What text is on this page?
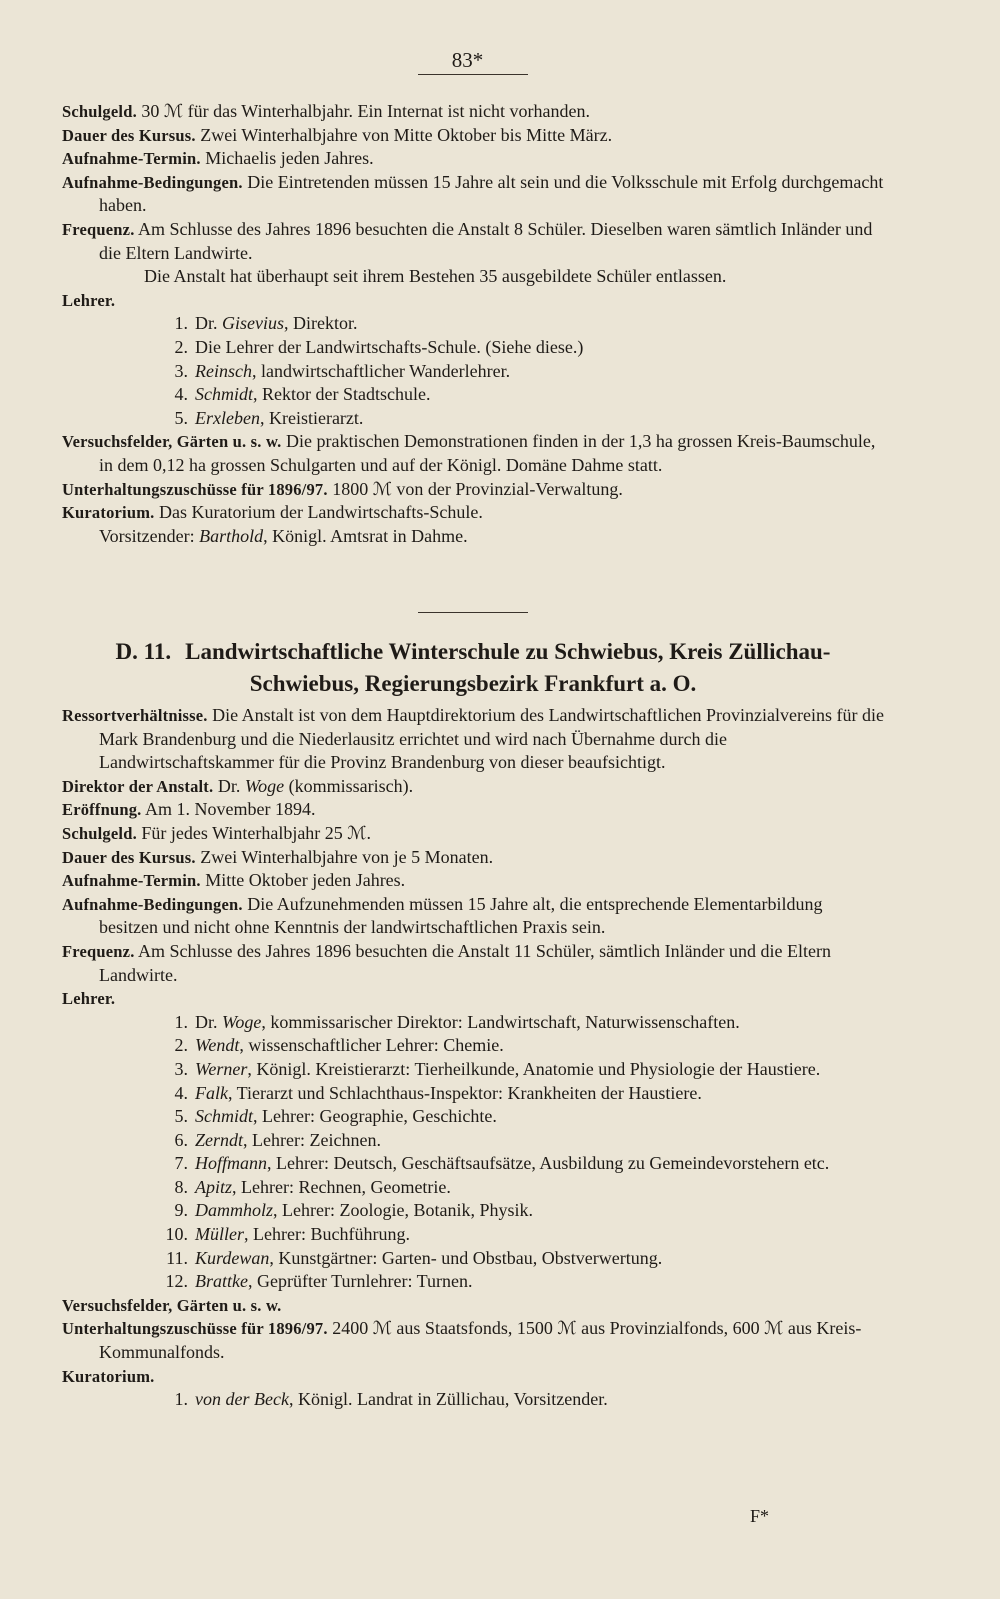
83*

Schulgeld. 30 ℳ für das Winterhalbjahr. Ein Internat ist nicht vorhanden.

Dauer des Kursus. Zwei Winterhalbjahre von Mitte Oktober bis Mitte März.

Aufnahme-Termin. Michaelis jeden Jahres.

Aufnahme-Bedingungen. Die Eintretenden müssen 15 Jahre alt sein und die Volksschule mit Erfolg durchgemacht haben.

Frequenz. Am Schlusse des Jahres 1896 besuchten die Anstalt 8 Schüler. Dieselben waren sämtlich Inländer und die Eltern Landwirte.

Die Anstalt hat überhaupt seit ihrem Bestehen 35 ausgebildete Schüler entlassen.

Lehrer.

1. Dr. Gisevius, Direktor.
2. Die Lehrer der Landwirtschafts-Schule. (Siehe diese.)
3. Reinsch, landwirtschaftlicher Wanderlehrer.
4. Schmidt, Rektor der Stadtschule.
5. Erxleben, Kreistierarzt.

Versuchsfelder, Gärten u. s. w. Die praktischen Demonstrationen finden in der 1,3 ha grossen Kreis-Baumschule, in dem 0,12 ha grossen Schulgarten und auf der Königl. Domäne Dahme statt.

Unterhaltungszuschüsse für 1896/97. 1800 ℳ von der Provinzial-Verwaltung.

Kuratorium. Das Kuratorium der Landwirtschafts-Schule.

Vorsitzender: Barthold, Königl. Amtsrat in Dahme.

D. 11. Landwirtschaftliche Winterschule zu Schwiebus, Kreis Züllichau-
Schwiebus, Regierungsbezirk Frankfurt a. O.

Ressortverhältnisse. Die Anstalt ist von dem Hauptdirektorium des Landwirtschaftlichen Provinzialvereins für die Mark Brandenburg und die Niederlausitz errichtet und wird nach Übernahme durch die Landwirtschaftskammer für die Provinz Brandenburg von dieser beaufsichtigt.

Direktor der Anstalt. Dr. Woge (kommissarisch).

Eröffnung. Am 1. November 1894.

Schulgeld. Für jedes Winterhalbjahr 25 ℳ.

Dauer des Kursus. Zwei Winterhalbjahre von je 5 Monaten.

Aufnahme-Termin. Mitte Oktober jeden Jahres.

Aufnahme-Bedingungen. Die Aufzunehmenden müssen 15 Jahre alt, die entsprechende Elementarbildung besitzen und nicht ohne Kenntnis der landwirtschaftlichen Praxis sein.

Frequenz. Am Schlusse des Jahres 1896 besuchten die Anstalt 11 Schüler, sämtlich Inländer und die Eltern Landwirte.

Lehrer.

1. Dr. Woge, kommissarischer Direktor: Landwirtschaft, Naturwissenschaften.
2. Wendt, wissenschaftlicher Lehrer: Chemie.
3. Werner, Königl. Kreistierarzt: Tierheilkunde, Anatomie und Physiologie der Haustiere.
4. Falk, Tierarzt und Schlachthaus-Inspektor: Krankheiten der Haustiere.
5. Schmidt, Lehrer: Geographie, Geschichte.
6. Zerndt, Lehrer: Zeichnen.
7. Hoffmann, Lehrer: Deutsch, Geschäftsaufsätze, Ausbildung zu Gemeindevorstehern etc.
8. Apitz, Lehrer: Rechnen, Geometrie.
9. Dammholz, Lehrer: Zoologie, Botanik, Physik.
10. Müller, Lehrer: Buchführung.
11. Kurdewan, Kunstgärtner: Garten- und Obstbau, Obstverwertung.
12. Brattke, Geprüfter Turnlehrer: Turnen.

Versuchsfelder, Gärten u. s. w.

Unterhaltungszuschüsse für 1896/97. 2400 ℳ aus Staatsfonds, 1500 ℳ aus Provinzialfonds, 600 ℳ aus Kreis-Kommunalfonds.

Kuratorium.

1. von der Beck, Königl. Landrat in Züllichau, Vorsitzender.
F*
